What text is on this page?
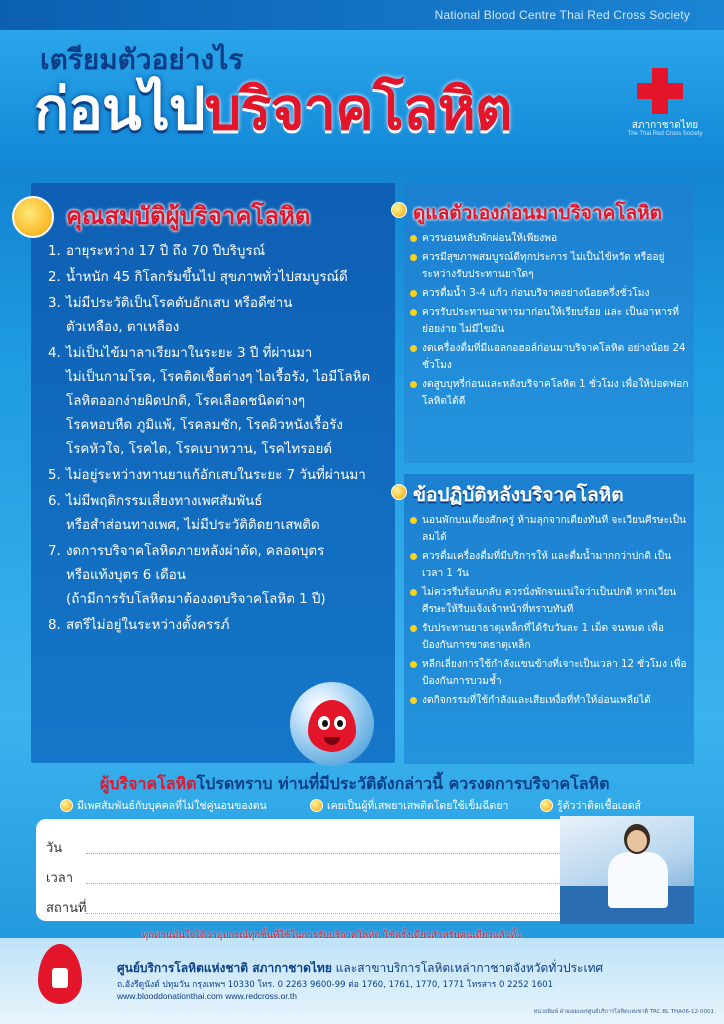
National Blood Centre Thai Red Cross Society
เตรียมตัวอย่างไร
ก่อนไปบริจาคโลหิต	สภากาชาดไทย
The Thai Red Cross Society
คุณสมบัติผู้บริจาคโลหิต
1. อายุระหว่าง 17 ปี ถึง 70 ปีบริบูรณ์
2. น้ำหนัก 45 กิโลกรัมขึ้นไป สุขภาพทั่วไปสมบูรณ์ดี
3. ไม่มีประวัติเป็นโรคตับอักเสบ หรือดีซ่าน
ตัวเหลือง, ตาเหลือง
4. ไม่เป็นไข้มาลาเรียมาในระยะ 3 ปี ที่ผ่านมา
ไม่เป็นกามโรค, โรคติดเชื้อต่างๆ ไอเรื้อรัง, ไอมีโลหิต
โลหิตออกง่ายผิดปกติ, โรคเลือดชนิดต่างๆ
โรคหอบหืด ภูมิแพ้, โรคลมชัก, โรคผิวหนังเรื้อรัง
โรคหัวใจ, โรคไต, โรคเบาหวาน, โรคไทรอยด์
5. ไม่อยู่ระหว่างทานยาแก้อักเสบในระยะ 7 วันที่ผ่านมา
6. ไม่มีพฤติกรรมเสี่ยงทางเพศสัมพันธ์
หรือสำส่อนทางเพศ, ไม่มีประวัติติดยาเสพติด
7. งดการบริจาคโลหิตภายหลังผ่าตัด, คลอดบุตร
หรือแท้งบุตร 6 เดือน
(ถ้ามีการรับโลหิตมาต้องงดบริจาคโลหิต 1 ปี)
8. สตรีไม่อยู่ในระหว่างตั้งครรภ์
ดูแลตัวเองก่อนมาบริจาคโลหิต
ควรนอนหลับพักผ่อนให้เพียงพอ
ควรมีสุขภาพสมบูรณ์ดีทุกประการ ไม่เป็นไข้หวัด หรืออยู่ระหว่างรับประทานยาใดๆ
ควรดื่มน้ำ 3-4 แก้ว ก่อนบริจาคอย่างน้อยครึ่งชั่วโมง
ควรรับประทานอาหารมาก่อนให้เรียบร้อย และ เป็นอาหารที่ย่อยง่าย ไม่มีไขมัน
งดเครื่องดื่มที่มีแอลกอฮอล์ก่อนมาบริจาคโลหิต อย่างน้อย 24 ชั่วโมง
งดสูบบุหรี่ก่อนและหลังบริจาคโลหิต 1 ชั่วโมง เพื่อให้ปอดฟอกโลหิตได้ดี
ข้อปฏิบัติหลังบริจาคโลหิต
นอนพักบนเตียงสักครู่ ห้ามลุกจากเตียงทันที จะเวียนศีรษะเป็นลมได้
ควรดื่มเครื่องดื่มที่มีบริการให้ และดื่มน้ำมากกว่าปกติ เป็นเวลา 1 วัน
ไม่ควรรีบร้อนกลับ ควรนั่งพักจนแน่ใจว่าเป็นปกติ หากเวียนศีรษะให้รีบแจ้งเจ้าหน้าที่ทราบทันที
รับประทานยาธาตุเหล็กที่ได้รับวันละ 1 เม็ด จนหมด เพื่อป้องกันการขาดธาตุเหล็ก
หลีกเลี่ยงการใช้กำลังแขนข้างที่เจาะเป็นเวลา 12 ชั่วโมง เพื่อป้องกันการบวมช้ำ
งดกิจกรรมที่ใช้กำลังและเสียเหงื่อที่ทำให้อ่อนเพลียได้
ผู้บริจาคโลหิตโปรดทราบ ท่านที่มีประวัติดังกล่าวนี้ ควรงดการบริจาคโลหิต
มีเพศสัมพันธ์กับบุคคลที่ไม่ใช่คู่นอนของตน	เคยเป็นผู้ที่เสพยาเสพติดโดยใช้เข็มฉีดยา	รู้ตัวว่าติดเชื้อเอดส์
วัน
เวลา
สถานที่
ทุกท่านมั่นใจได้ว่าอุปกรณ์ทุกชิ้นที่ใช้ในการรับบริจาคโลหิต ใช้ครั้งเดียวสำหรับคนเดียวแล้วทิ้ง
ศูนย์บริการโลหิตแห่งชาติ สภากาชาดไทย และสาขาบริการโลหิตเหล่ากาชาดจังหวัดทั่วประเทศ
ถ.อังรีดูนังต์ ปทุมวัน กรุงเทพฯ 10330 โทร. 0 2263 9600-99 ต่อ 1760, 1761, 1770, 1771 โทรสาร 0 2252 1601
www.blooddonationthai.com www.redcross.or.th
หน่วยพิมพ์ ฝ่ายเผยแพร่ศูนย์บริการโลหิตแห่งชาติ TRC.BL THA06-12-0001
